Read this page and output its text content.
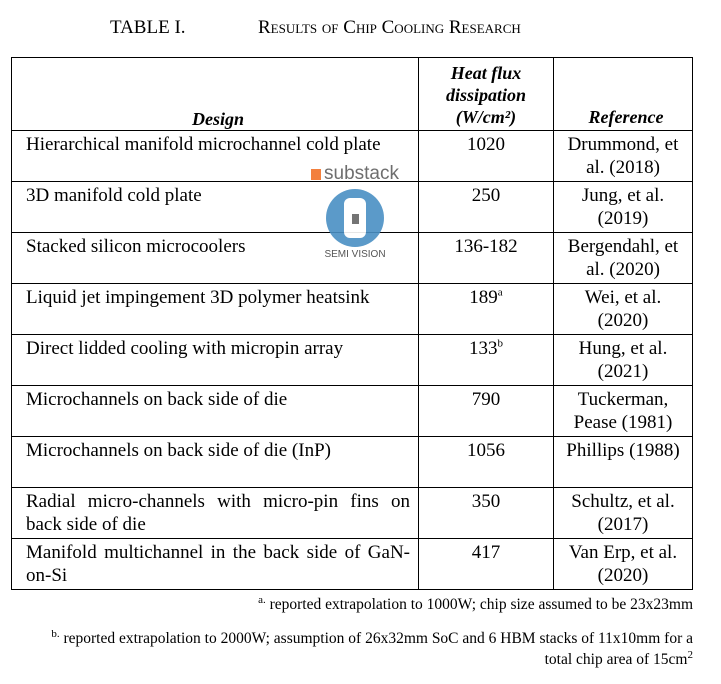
TABLE I.	Results of Chip Cooling Research
Design	Heat flux
dissipation
(W/cm²)	Reference
Hierarchical manifold microchannel cold plate	1020	Drummond, et al. (2018)
3D manifold cold plate	250	Jung, et al. (2019)
Stacked silicon microcoolers	136-182	Bergendahl, et al. (2020)
Liquid jet impingement 3D polymer heatsink	189$^a$	Wei, et al. (2020)
Direct lidded cooling with micropin array	133$^b$	Hung, et al. (2021)
Microchannels on back side of die	790	Tuckerman, Pease (1981)
Microchannels on back side of die (InP)	1056	Phillips (1988)
Radial micro-channels with micro-pin fins on back side of die	350	Schultz, et al. (2017)
Manifold multichannel in the back side of GaN-on-Si	417	Van Erp, et al. (2020)
$^{a.}$ reported extrapolation to 1000W; chip size assumed to be 23x23mm
$^{b.}$ reported extrapolation to 2000W; assumption of 26x32mm SoC and 6 HBM stacks of 11x10mm for a
total chip area of $15cm^2$
substack
SEMI VISION
